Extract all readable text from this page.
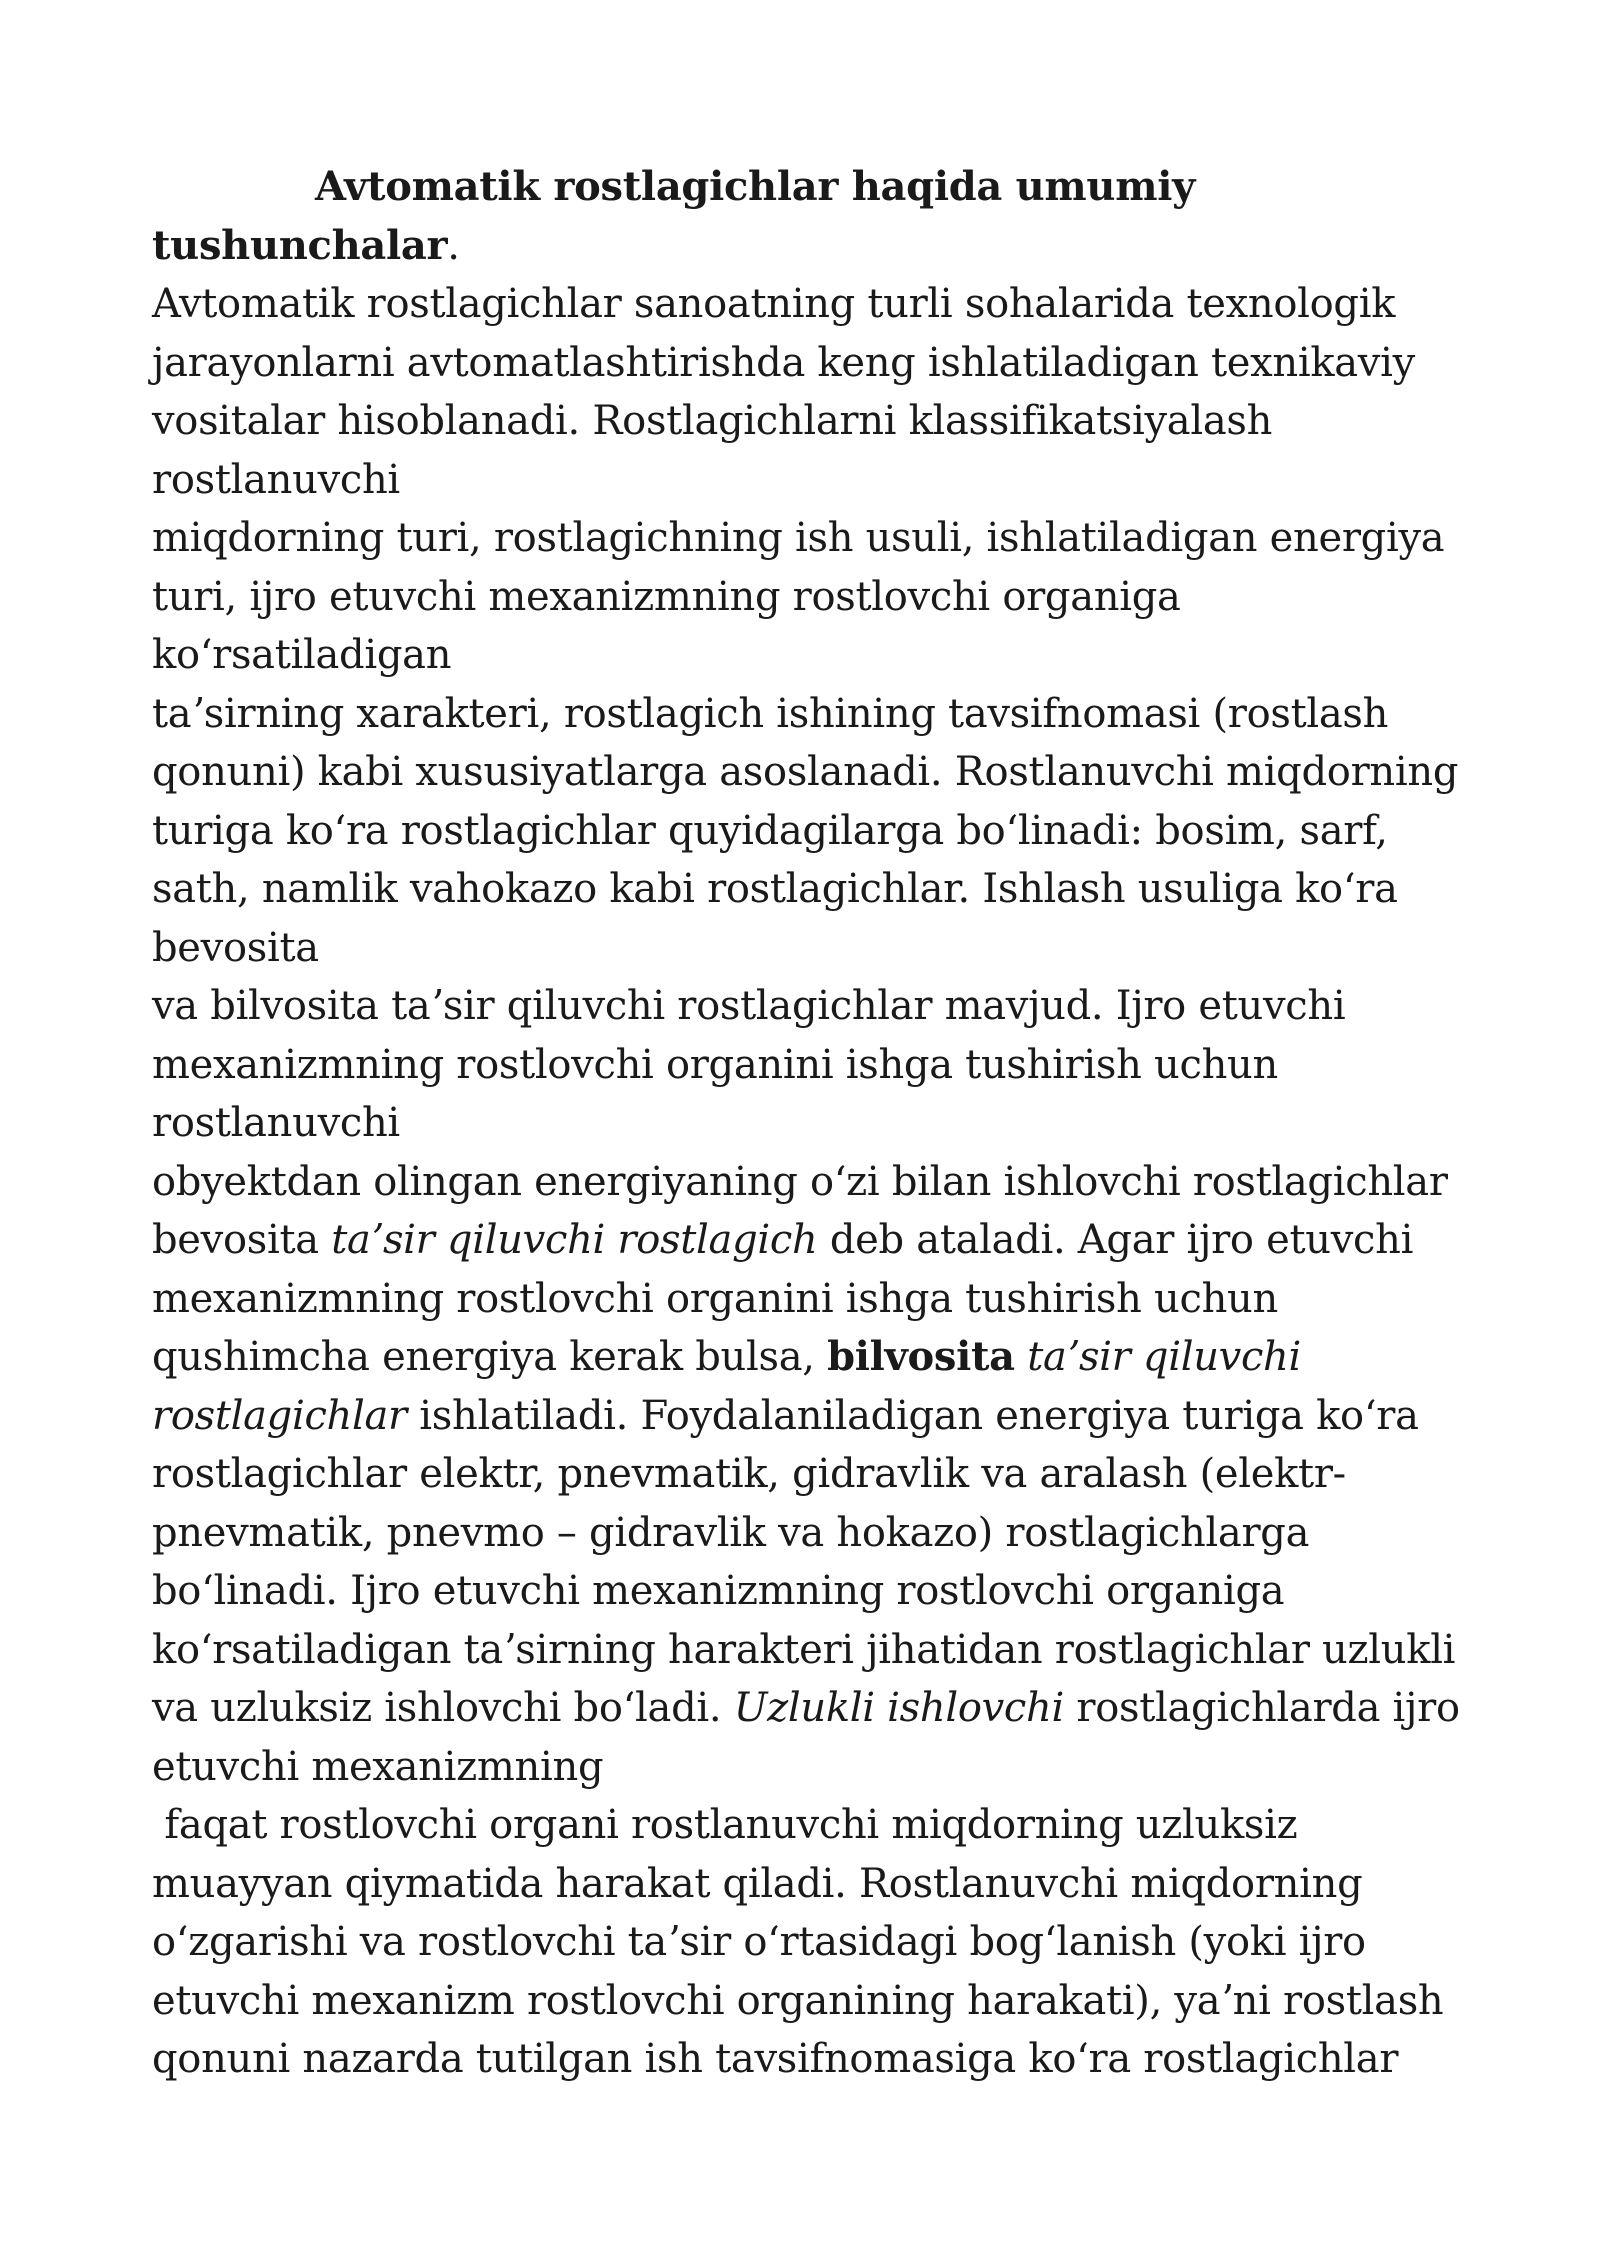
Avtomatik rostlagichlar haqida umumiy
tushunchalar.
Avtomatik rostlagichlar sanoatning turli sohalarida texnologik
jarayonlarni avtomatlashtirishda keng ishlatiladigan texnikaviy
vositalar hisoblanadi. Rostlagichlarni klassifikatsiyalash
rostlanuvchi
miqdorning turi, rostlagichning ish usuli, ishlatiladigan energiya
turi, ijro etuvchi mexanizmning rostlovchi organiga
koʻrsatiladigan
taʼsirning xarakteri, rostlagich ishining tavsifnomasi (rostlash
qonuni) kabi xususiyatlarga asoslanadi. Rostlanuvchi miqdorning
turiga koʻra rostlagichlar quyidagilarga boʻlinadi: bosim, sarf,
sath, namlik vahokazo kabi rostlagichlar. Ishlash usuliga koʻra
bevosita
va bilvosita taʼsir qiluvchi rostlagichlar mavjud. Ijro etuvchi
mexanizmning rostlovchi organini ishga tushirish uchun
rostlanuvchi
obyektdan olingan energiyaning oʻzi bilan ishlovchi rostlagichlar
bevosita taʼsir qiluvchi rostlagich deb ataladi. Agar ijro etuvchi
mexanizmning rostlovchi organini ishga tushirish uchun
qushimcha energiya kerak bulsa, bilvosita taʼsir qiluvchi
rostlagichlar ishlatiladi. Foydalaniladigan energiya turiga koʻra
rostlagichlar elektr, pnevmatik, gidravlik va aralash (elektr-
pnevmatik, pnevmo – gidravlik va hokazo) rostlagichlarga
boʻlinadi. Ijro etuvchi mexanizmning rostlovchi organiga
koʻrsatiladigan taʼsirning harakteri jihatidan rostlagichlar uzlukli
va uzluksiz ishlovchi boʻladi. Uzlukli ishlovchi rostlagichlarda ijro
etuvchi mexanizmning
faqat rostlovchi organi rostlanuvchi miqdorning uzluksiz
muayyan qiymatida harakat qiladi. Rostlanuvchi miqdorning
oʻzgarishi va rostlovchi taʼsir oʻrtasidagi bogʻlanish (yoki ijro
etuvchi mexanizm rostlovchi organining harakati), yaʼni rostlash
qonuni nazarda tutilgan ish tavsifnomasiga koʻra rostlagichlar
